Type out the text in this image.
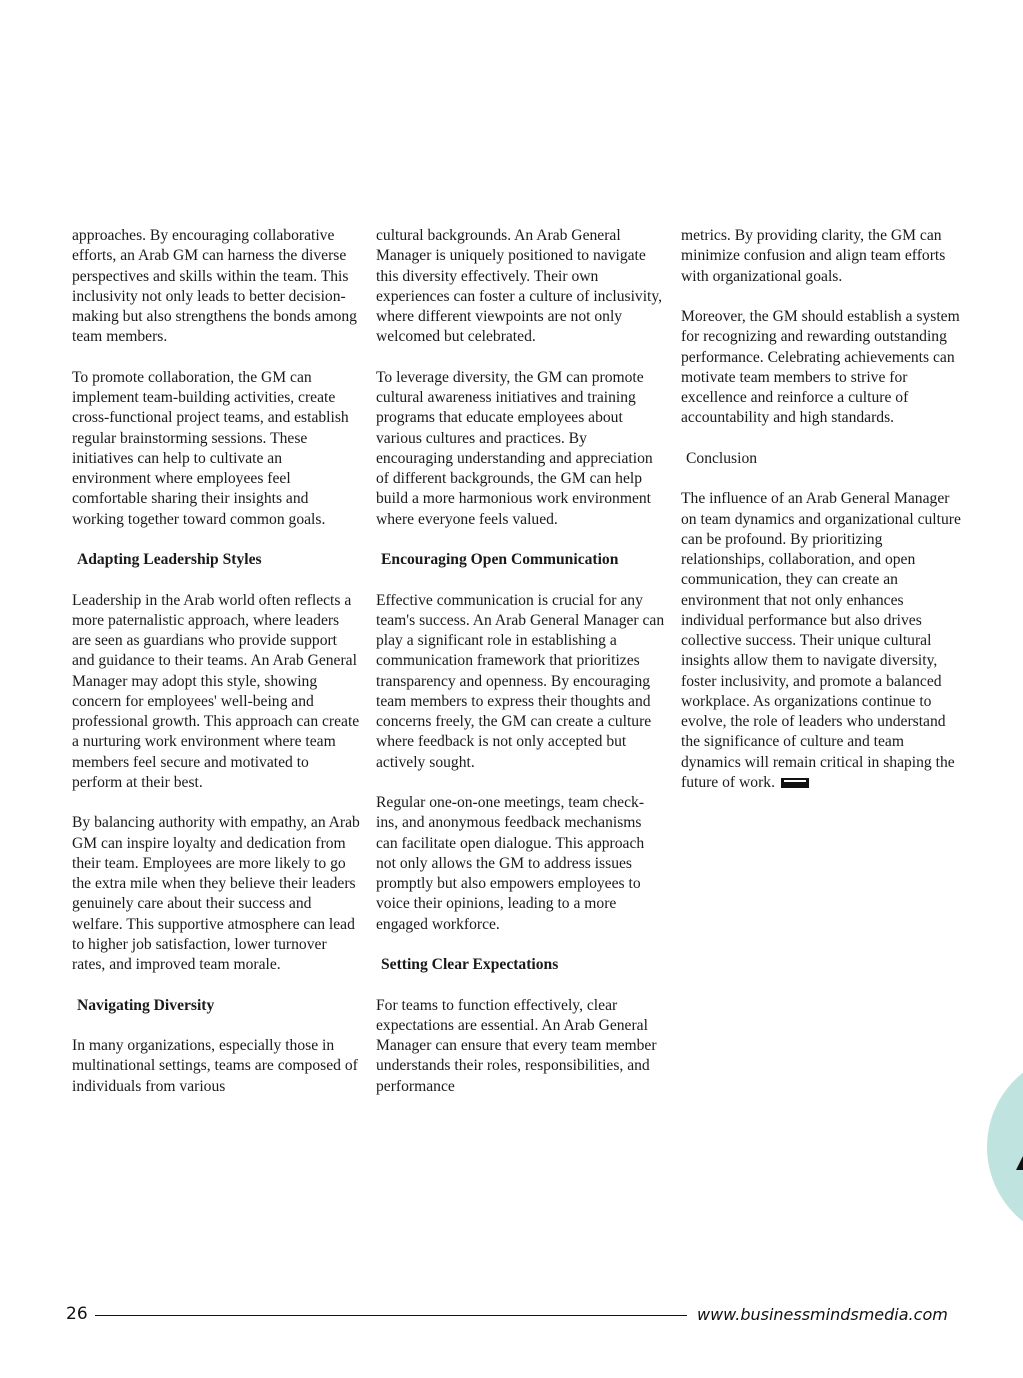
approaches. By encouraging collaborative efforts, an Arab GM can harness the diverse perspectives and skills within the team. This inclusivity not only leads to better decision-making but also strengthens the bonds among team members.

To promote collaboration, the GM can implement team-building activities, create cross-functional project teams, and establish regular brainstorming sessions. These initiatives can help to cultivate an environment where employees feel comfortable sharing their insights and working together toward common goals.

Adapting Leadership Styles

Leadership in the Arab world often reflects a more paternalistic approach, where leaders are seen as guardians who provide support and guidance to their teams. An Arab General Manager may adopt this style, showing concern for employees' well-being and professional growth. This approach can create a nurturing work environment where team members feel secure and motivated to perform at their best.

By balancing authority with empathy, an Arab GM can inspire loyalty and dedication from their team. Employees are more likely to go the extra mile when they believe their leaders genuinely care about their success and welfare. This supportive atmosphere can lead to higher job satisfaction, lower turnover rates, and improved team morale.

Navigating Diversity

In many organizations, especially those in multinational settings, teams are composed of individuals from various

cultural backgrounds. An Arab General Manager is uniquely positioned to navigate this diversity effectively. Their own experiences can foster a culture of inclusivity, where different viewpoints are not only welcomed but celebrated.

To leverage diversity, the GM can promote cultural awareness initiatives and training programs that educate employees about various cultures and practices. By encouraging understanding and appreciation of different backgrounds, the GM can help build a more harmonious work environment where everyone feels valued.

Encouraging Open Communication

Effective communication is crucial for any team's success. An Arab General Manager can play a significant role in establishing a communication framework that prioritizes transparency and openness. By encouraging team members to express their thoughts and concerns freely, the GM can create a culture where feedback is not only accepted but actively sought.

Regular one-on-one meetings, team check-ins, and anonymous feedback mechanisms can facilitate open dialogue. This approach not only allows the GM to address issues promptly but also empowers employees to voice their opinions, leading to a more engaged workforce.

Setting Clear Expectations

For teams to function effectively, clear expectations are essential. An Arab General Manager can ensure that every team member understands their roles, responsibilities, and performance

metrics. By providing clarity, the GM can minimize confusion and align team efforts with organizational goals.

Moreover, the GM should establish a system for recognizing and rewarding outstanding performance. Celebrating achievements can motivate team members to strive for excellence and reinforce a culture of accountability and high standards.

Conclusion

The influence of an Arab General Manager on team dynamics and organizational culture can be profound. By prioritizing relationships, collaboration, and open communication, they can create an environment that not only enhances individual performance but also drives collective success. Their unique cultural insights allow them to navigate diversity, foster inclusivity, and promote a balanced workplace. As organizations continue to evolve, the role of leaders who understand the significance of culture and team dynamics will remain critical in shaping the future of work.

26	www.businessmindsmedia.com
